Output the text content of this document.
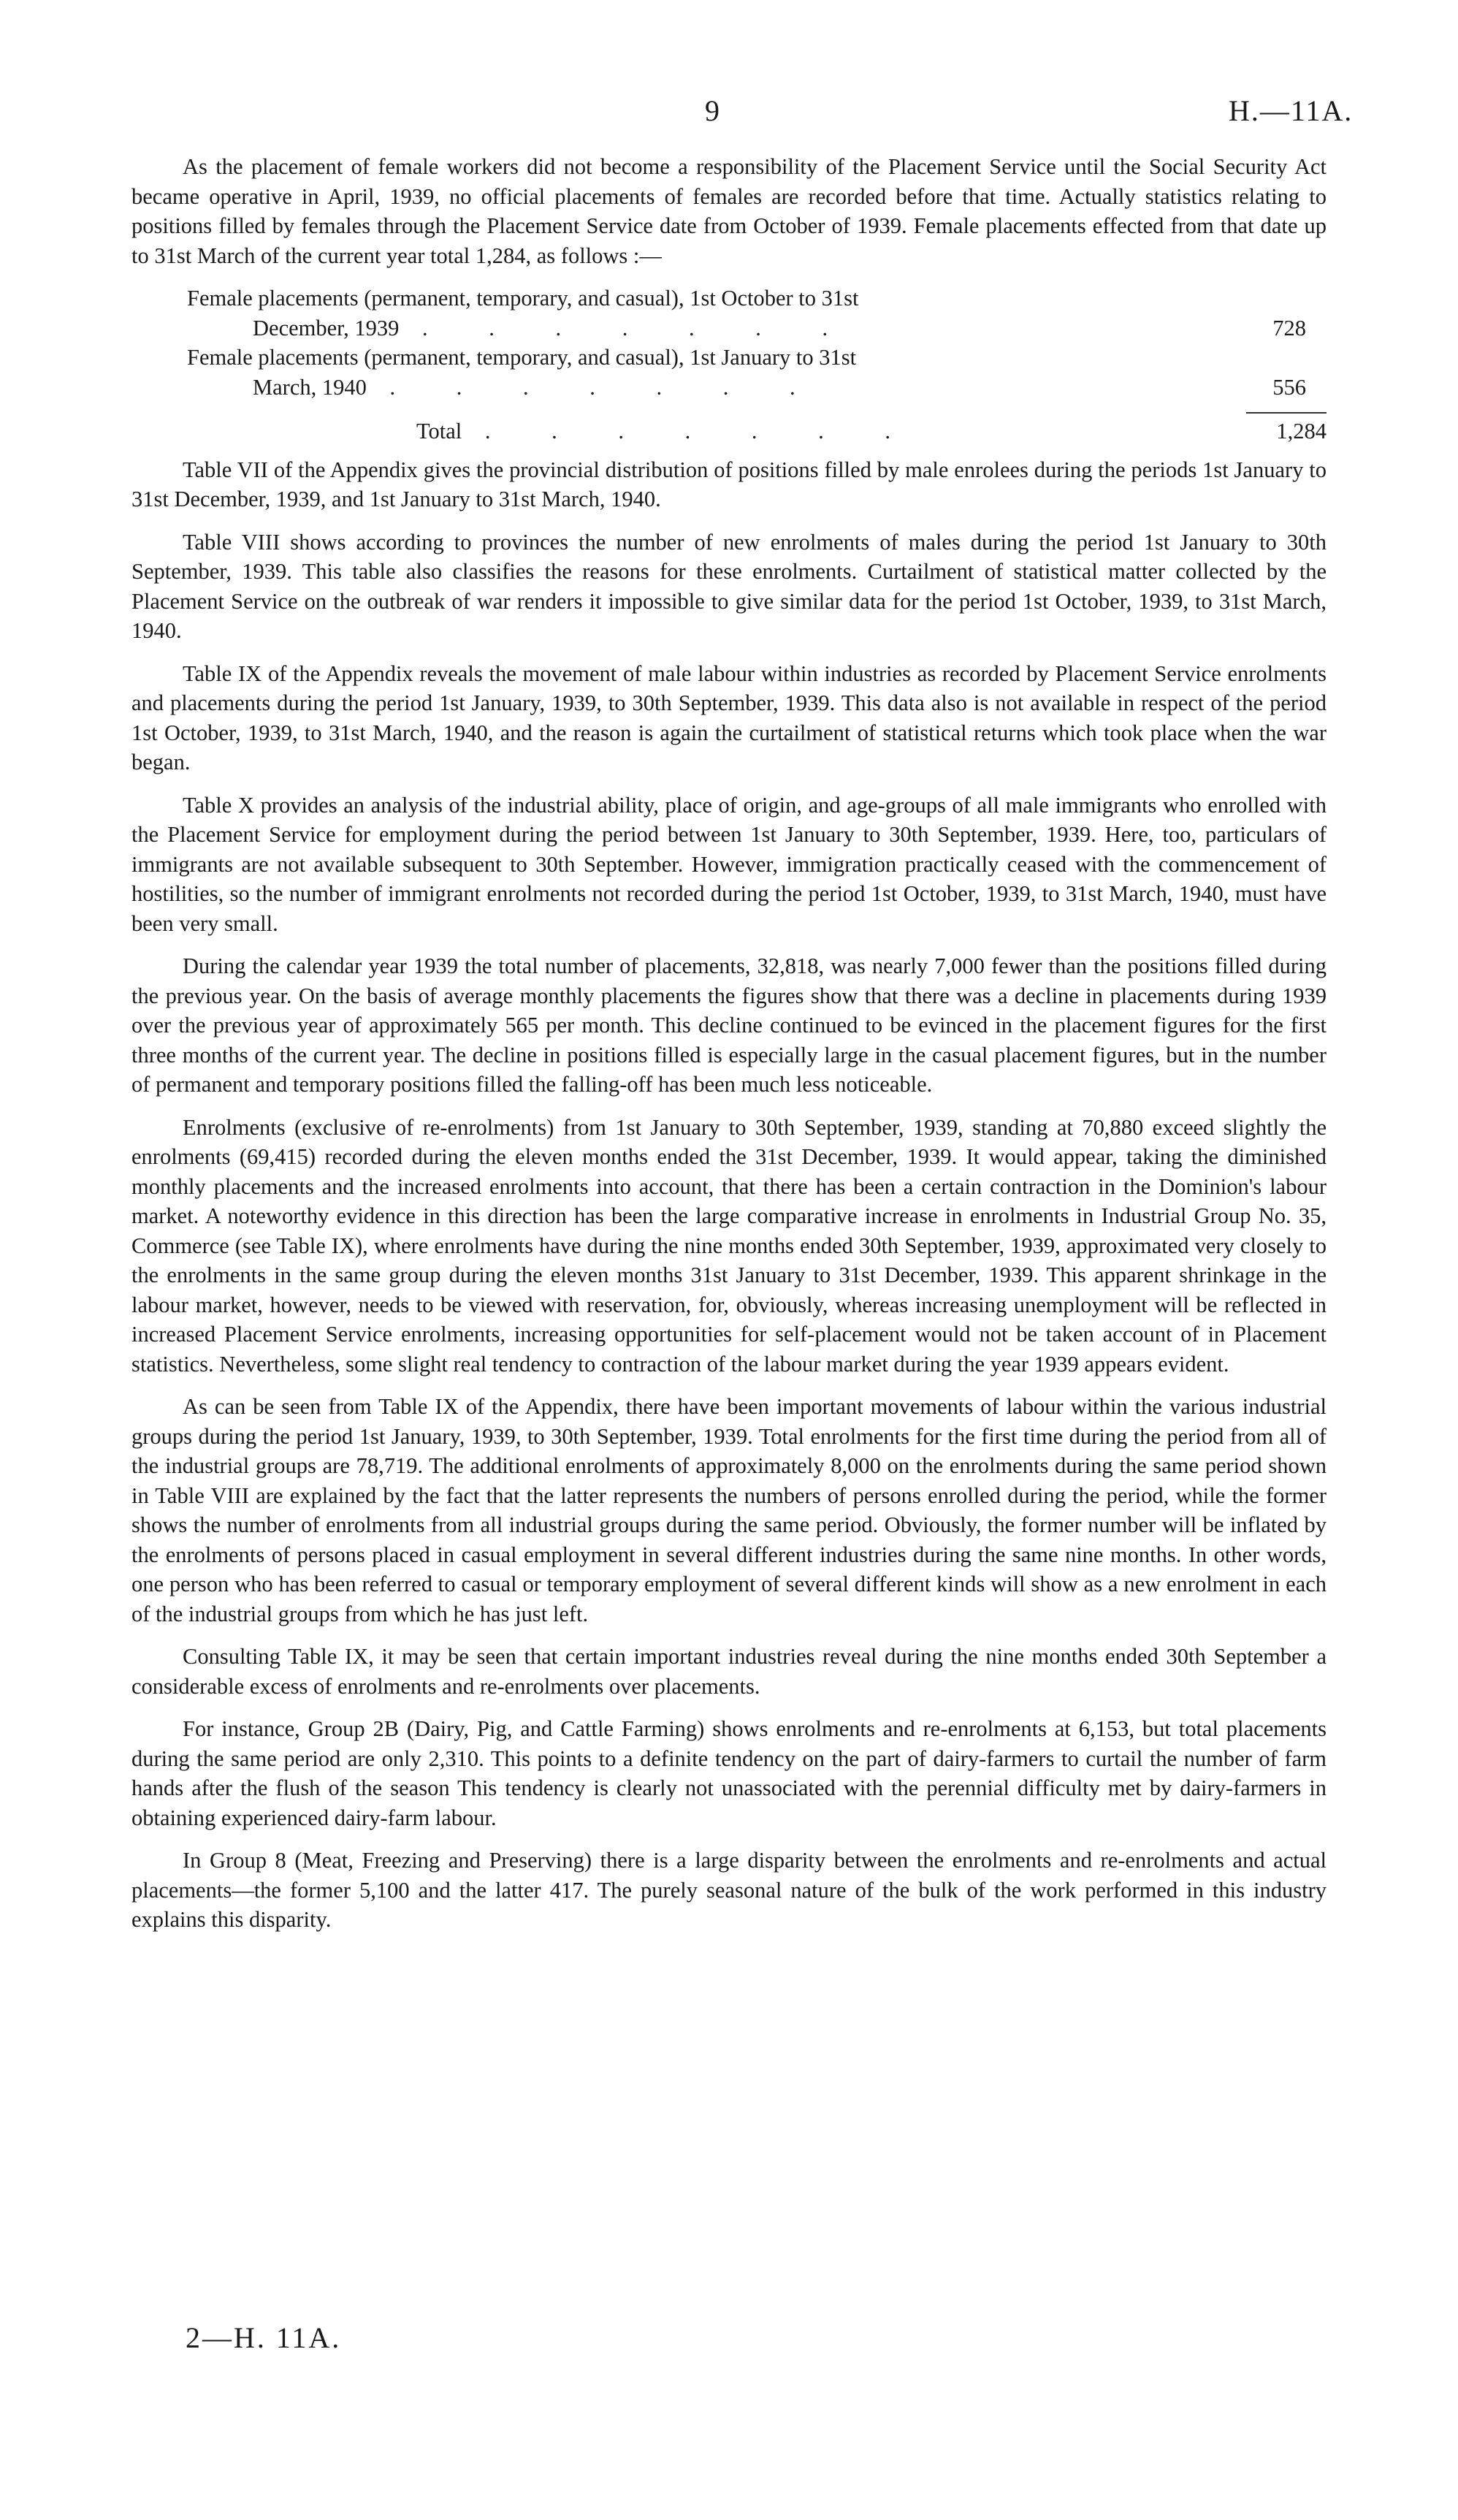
9	H.—11A.

As the placement of female workers did not become a responsibility of the Placement Service until the Social Security Act became operative in April, 1939, no official placements of females are recorded before that time. Actually statistics relating to positions filled by females through the Placement Service date from October of 1939. Female placements effected from that date up to 31st March of the current year total 1,284, as follows :—

Female placements (permanent, temporary, and casual), 1st October to 31st
December, 1939 . . . . . . .	728
Female placements (permanent, temporary, and casual), 1st January to 31st
March, 1940 . . . . . . .	556
Total . . . . . . .	1,284

Table VII of the Appendix gives the provincial distribution of positions filled by male enrolees during the periods 1st January to 31st December, 1939, and 1st January to 31st March, 1940.

Table VIII shows according to provinces the number of new enrolments of males during the period 1st January to 30th September, 1939. This table also classifies the reasons for these enrolments. Curtailment of statistical matter collected by the Placement Service on the outbreak of war renders it impossible to give similar data for the period 1st October, 1939, to 31st March, 1940.

Table IX of the Appendix reveals the movement of male labour within industries as recorded by Placement Service enrolments and placements during the period 1st January, 1939, to 30th September, 1939. This data also is not available in respect of the period 1st October, 1939, to 31st March, 1940, and the reason is again the curtailment of statistical returns which took place when the war began.

Table X provides an analysis of the industrial ability, place of origin, and age-groups of all male immigrants who enrolled with the Placement Service for employment during the period between 1st January to 30th September, 1939. Here, too, particulars of immigrants are not available subsequent to 30th September. However, immigration practically ceased with the commencement of hostilities, so the number of immigrant enrolments not recorded during the period 1st October, 1939, to 31st March, 1940, must have been very small.

During the calendar year 1939 the total number of placements, 32,818, was nearly 7,000 fewer than the positions filled during the previous year. On the basis of average monthly placements the figures show that there was a decline in placements during 1939 over the previous year of approximately 565 per month. This decline continued to be evinced in the placement figures for the first three months of the current year. The decline in positions filled is especially large in the casual placement figures, but in the number of permanent and temporary positions filled the falling-off has been much less noticeable.

Enrolments (exclusive of re-enrolments) from 1st January to 30th September, 1939, standing at 70,880 exceed slightly the enrolments (69,415) recorded during the eleven months ended the 31st December, 1939. It would appear, taking the diminished monthly placements and the increased enrolments into account, that there has been a certain contraction in the Dominion's labour market. A noteworthy evidence in this direction has been the large comparative increase in enrolments in Industrial Group No. 35, Commerce (see Table IX), where enrolments have during the nine months ended 30th September, 1939, approximated very closely to the enrolments in the same group during the eleven months 31st January to 31st December, 1939. This apparent shrinkage in the labour market, however, needs to be viewed with reservation, for, obviously, whereas increasing unemployment will be reflected in increased Placement Service enrolments, increasing opportunities for self-placement would not be taken account of in Placement statistics. Nevertheless, some slight real tendency to contraction of the labour market during the year 1939 appears evident.

As can be seen from Table IX of the Appendix, there have been important movements of labour within the various industrial groups during the period 1st January, 1939, to 30th September, 1939. Total enrolments for the first time during the period from all of the industrial groups are 78,719. The additional enrolments of approximately 8,000 on the enrolments during the same period shown in Table VIII are explained by the fact that the latter represents the numbers of persons enrolled during the period, while the former shows the number of enrolments from all industrial groups during the same period. Obviously, the former number will be inflated by the enrolments of persons placed in casual employment in several different industries during the same nine months. In other words, one person who has been referred to casual or temporary employment of several different kinds will show as a new enrolment in each of the industrial groups from which he has just left.

Consulting Table IX, it may be seen that certain important industries reveal during the nine months ended 30th September a considerable excess of enrolments and re-enrolments over placements.

For instance, Group 2B (Dairy, Pig, and Cattle Farming) shows enrolments and re-enrolments at 6,153, but total placements during the same period are only 2,310. This points to a definite tendency on the part of dairy-farmers to curtail the number of farm hands after the flush of the season This tendency is clearly not unassociated with the perennial difficulty met by dairy-farmers in obtaining experienced dairy-farm labour.

In Group 8 (Meat, Freezing and Preserving) there is a large disparity between the enrolments and re-enrolments and actual placements—the former 5,100 and the latter 417. The purely seasonal nature of the bulk of the work performed in this industry explains this disparity.

2—H. 11A.
